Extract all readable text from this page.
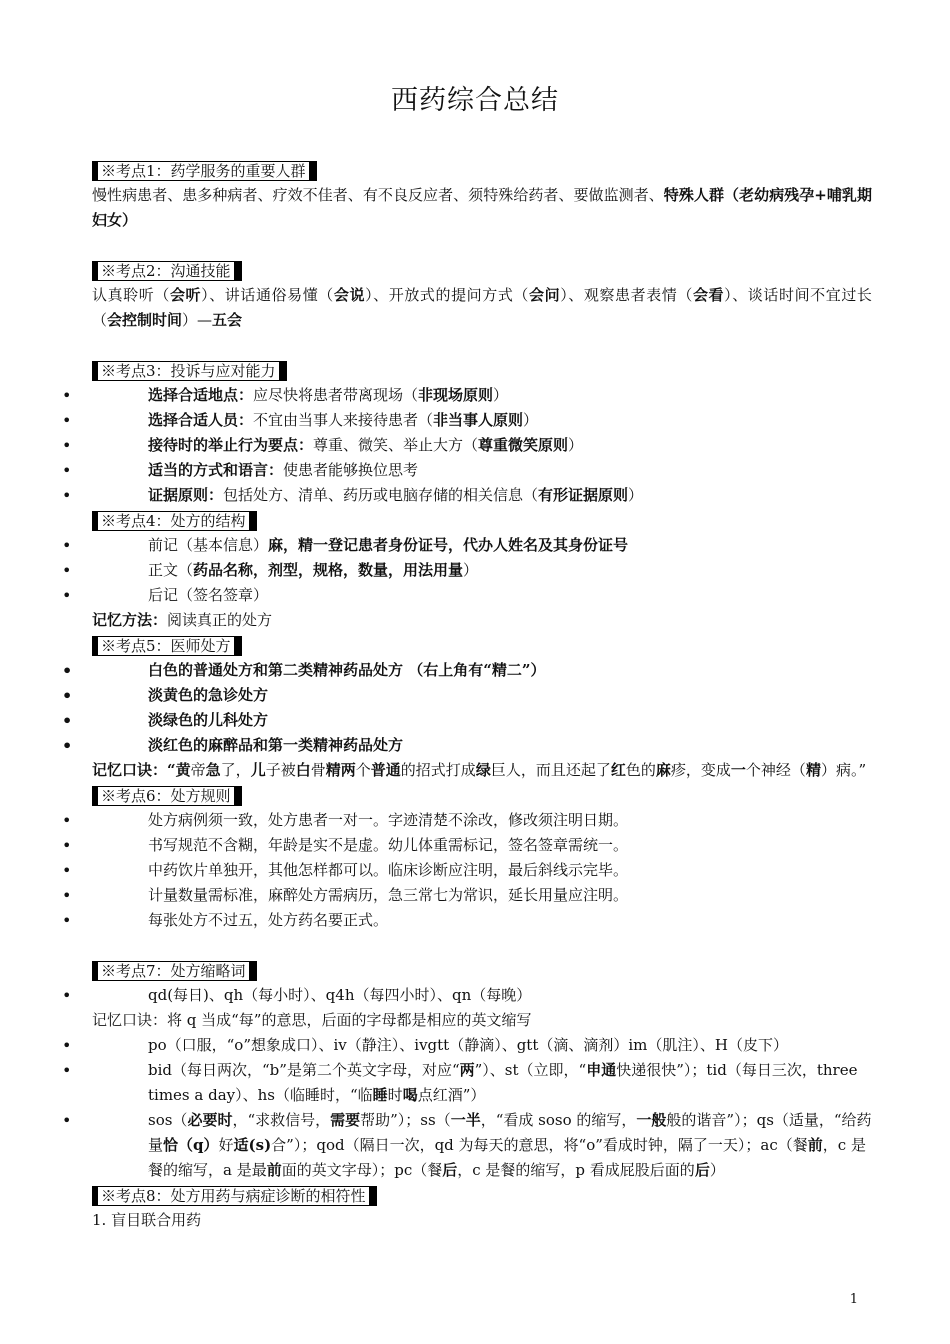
西药综合总结
※考点1：药学服务的重要人群

慢性病患者、患多种病者、疗效不佳者、有不良反应者、须特殊给药者、要做监测者、特殊人群（老幼病残孕+哺乳期妇女）

※考点2：沟通技能

认真聆听（会听）、讲话通俗易懂（会说）、开放式的提问方式（会问）、观察患者表情（会看）、谈话时间不宜过长（会控制时间）—五会

※考点3：投诉与应对能力
• 选择合适地点：应尽快将患者带离现场（非现场原则）
• 选择合适人员：不宜由当事人来接待患者（非当事人原则）
• 接待时的举止行为要点：尊重、微笑、举止大方（尊重微笑原则）
• 适当的方式和语言：使患者能够换位思考
• 证据原则：包括处方、清单、药历或电脑存储的相关信息（有形证据原则）
※考点4：处方的结构
• 前记（基本信息）麻，精一登记患者身份证号，代办人姓名及其身份证号
• 正文（药品名称，剂型，规格，数量，用法用量）
• 后记（签名签章）

记忆方法：阅读真正的处方

※考点5：医师处方
• 白色的普通处方和第二类精神药品处方 （右上角有“精二”）
• 淡黄色的急诊处方
• 淡绿色的儿科处方
• 淡红色的麻醉品和第一类精神药品处方

记忆口诀：“黄帝急了，儿子被白骨精两个普通的招式打成绿巨人，而且还起了红色的麻疹，变成一个神经（精）病。”

※考点6：处方规则
• 处方病例须一致，处方患者一对一。字迹清楚不涂改，修改须注明日期。
• 书写规范不含糊，年龄是实不是虚。幼儿体重需标记，签名签章需统一。
• 中药饮片单独开，其他怎样都可以。临床诊断应注明，最后斜线示完毕。
• 计量数量需标准，麻醉处方需病历，急三常七为常识，延长用量应注明。
• 每张处方不过五，处方药名要正式。
※考点7：处方缩略词
• qd(每日)、qh（每小时）、q4h（每四小时）、qn（每晚）

记忆口诀：将 q 当成“每”的意思，后面的字母都是相应的英文缩写

• po（口服，“o”想象成口）、iv（静注）、ivgtt（静滴）、gtt（滴、滴剂）im（肌注）、H（皮下）
• bid（每日两次，“b”是第二个英文字母，对应“两”）、st（立即，“申通快递很快”）；tid（每日三次，three times a day）、hs（临睡时，“临睡时喝点红酒”）
• sos（必要时，“求救信号，需要帮助”）；ss（一半，“看成 soso 的缩写，一般般的谐音”）；qs（适量，“给药量恰（q）好适(s)合”）；qod（隔日一次，qd 为每天的意思，将“o”看成时钟，隔了一天）；ac（餐前，c 是餐的缩写，a 是最前面的英文字母）；pc（餐后，c 是餐的缩写，p 看成屁股后面的后）
※考点8：处方用药与病症诊断的相符性

1. 盲目联合用药

1
